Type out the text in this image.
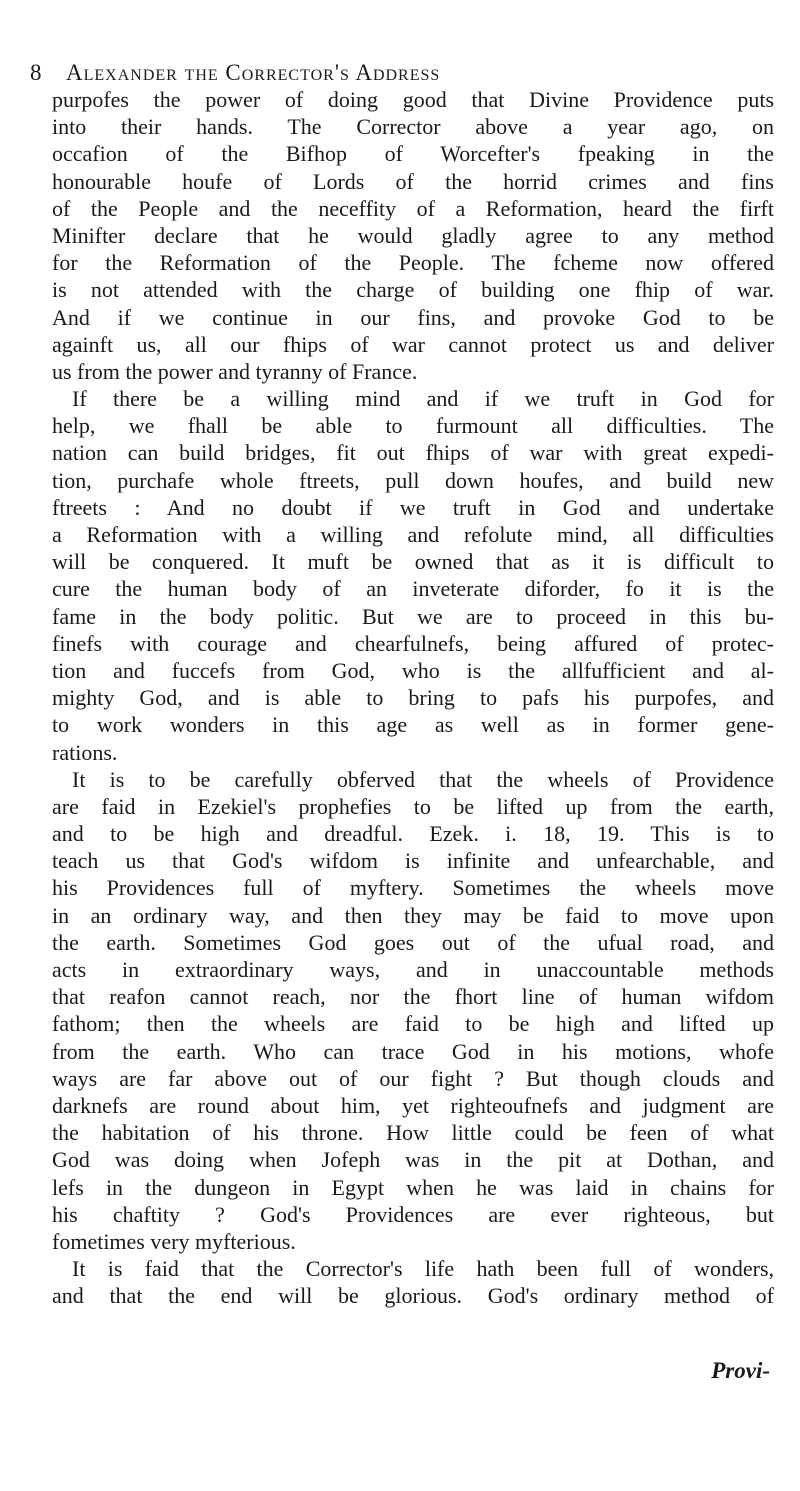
8 Alexander the Corrector's Address
purpofes the power of doing good that Divine Providence puts
into their hands. The Corrector above a year ago, on
occafion of the Bifhop of Worcefter's fpeaking in the
honourable houfe of Lords of the horrid crimes and fins
of the People and the neceffity of a Reformation, heard the firft
Minifter declare that he would gladly agree to any method
for the Reformation of the People. The fcheme now offered
is not attended with the charge of building one fhip of war.
And if we continue in our fins, and provoke God to be
againft us, all our fhips of war cannot protect us and deliver
us from the power and tyranny of France.
If there be a willing mind and if we truft in God for
help, we fhall be able to furmount all difficulties. The
nation can build bridges, fit out fhips of war with great expedi-
tion, purchafe whole ftreets, pull down houfes, and build new
ftreets : And no doubt if we truft in God and undertake
a Reformation with a willing and refolute mind, all difficulties
will be conquered. It muft be owned that as it is difficult to
cure the human body of an inveterate diforder, fo it is the
fame in the body politic. But we are to proceed in this bu-
finefs with courage and chearfulnefs, being affured of protec-
tion and fuccefs from God, who is the allfufficient and al-
mighty God, and is able to bring to pafs his purpofes, and
to work wonders in this age as well as in former gene-
rations.
It is to be carefully obferved that the wheels of Providence
are faid in Ezekiel's prophefies to be lifted up from the earth,
and to be high and dreadful. Ezek. i. 18, 19. This is to
teach us that God's wifdom is infinite and unfearchable, and
his Providences full of myftery. Sometimes the wheels move
in an ordinary way, and then they may be faid to move upon
the earth. Sometimes God goes out of the ufual road, and
acts in extraordinary ways, and in unaccountable methods
that reafon cannot reach, nor the fhort line of human wifdom
fathom; then the wheels are faid to be high and lifted up
from the earth. Who can trace God in his motions, whofe
ways are far above out of our fight ? But though clouds and
darknefs are round about him, yet righteoufnefs and judgment are
the habitation of his throne. How little could be feen of what
God was doing when Jofeph was in the pit at Dothan, and
lefs in the dungeon in Egypt when he was laid in chains for
his chaftity ? God's Providences are ever righteous, but
fometimes very myfterious.
It is faid that the Corrector's life hath been full of wonders,
and that the end will be glorious. God's ordinary method of
Provi-
